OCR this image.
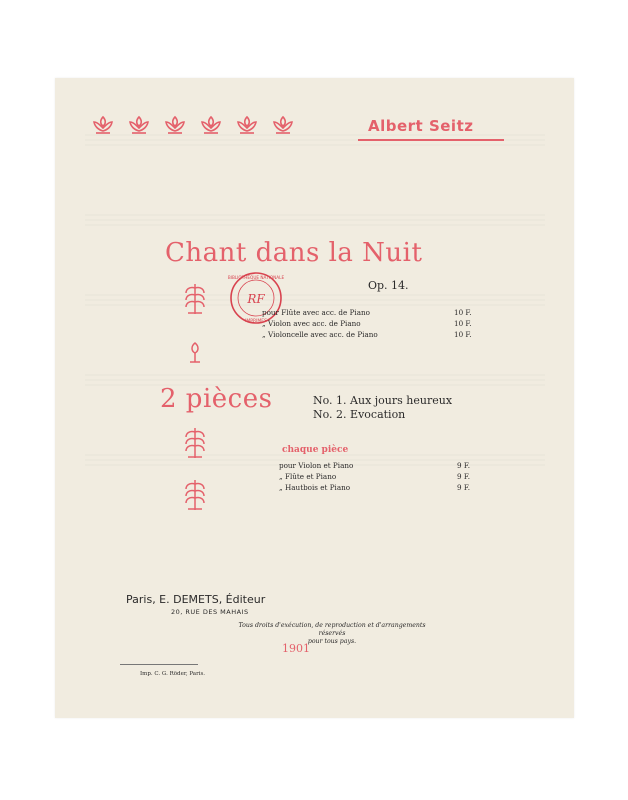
Albert Seitz
Chant dans la Nuit
Op. 14.
RF
BIBLIOTHEQUE NATIONALE
IMPRIMES
pour Flûte avec acc. de Piano	10 F.
„ Violon avec acc. de Piano	10 F.
„ Violoncelle avec acc. de Piano	10 F.
2 pièces	No. 1. Aux jours heureux
No. 2. Evocation
chaque pièce
pour Violon et Piano	9 F.
„ Flûte et Piano	9 F.
„ Hautbois et Piano	9 F.
Paris, E. DEMETS, Éditeur
20, RUE DES MAHAIS
Tous droits d'exécution, de reproduction et d'arrangements réservés
pour tous pays.
1901
Imp. C. G. Röder, Paris.
